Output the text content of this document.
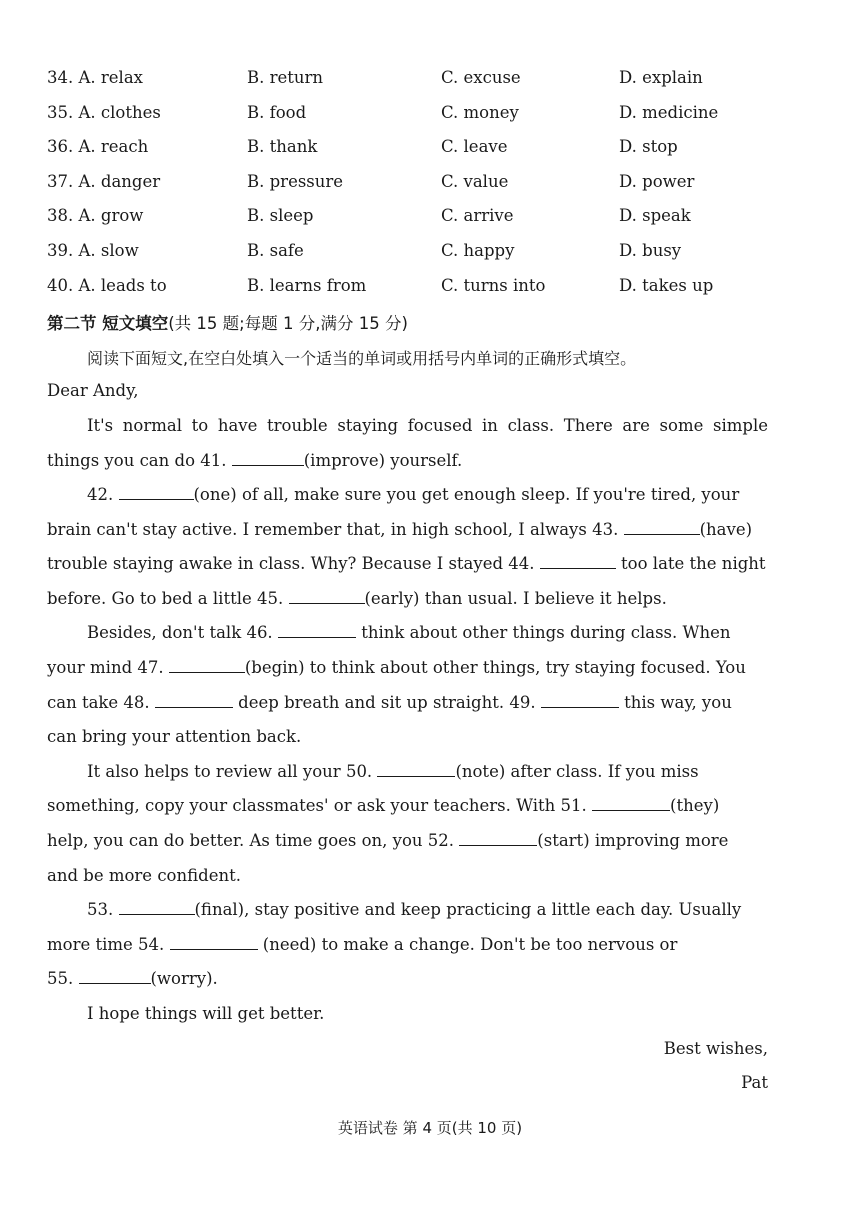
34. A. relax	B. return	C. excuse	D. explain
35. A. clothes	B. food	C. money	D. medicine
36. A. reach	B. thank	C. leave	D. stop
37. A. danger	B. pressure	C. value	D. power
38. A. grow	B. sleep	C. arrive	D. speak
39. A. slow	B. safe	C. happy	D. busy
40. A. leads to	B. learns from	C. turns into	D. takes up
第二节 短文填空(共 15 题;每题 1 分,满分 15 分)
阅读下面短文,在空白处填入一个适当的单词或用括号内单词的正确形式填空。
Dear Andy,
It's normal to have trouble staying focused in class. There are some simple
things you can do 41.	(improve) yourself.
42.	(one) of all, make sure you get enough sleep. If you're tired, your
brain can't stay active. I remember that, in high school, I always 43.	(have)
trouble staying awake in class. Why? Because I stayed 44.	too late the night
before. Go to bed a little 45.	(early) than usual. I believe it helps.
Besides, don't talk 46.	think about other things during class. When
your mind 47.	(begin) to think about other things, try staying focused. You
can take 48.	deep breath and sit up straight. 49.	this way, you
can bring your attention back.
It also helps to review all your 50.	(note) after class. If you miss
something, copy your classmates' or ask your teachers. With 51.	(they)
help, you can do better. As time goes on, you 52.	(start) improving more
and be more confident.
53.	(final), stay positive and keep practicing a little each day. Usually
more time 54.	(need) to make a change. Don't be too nervous or
55.	(worry).
I hope things will get better.
Best wishes,
Pat
英语试卷 第 4 页(共 10 页)
